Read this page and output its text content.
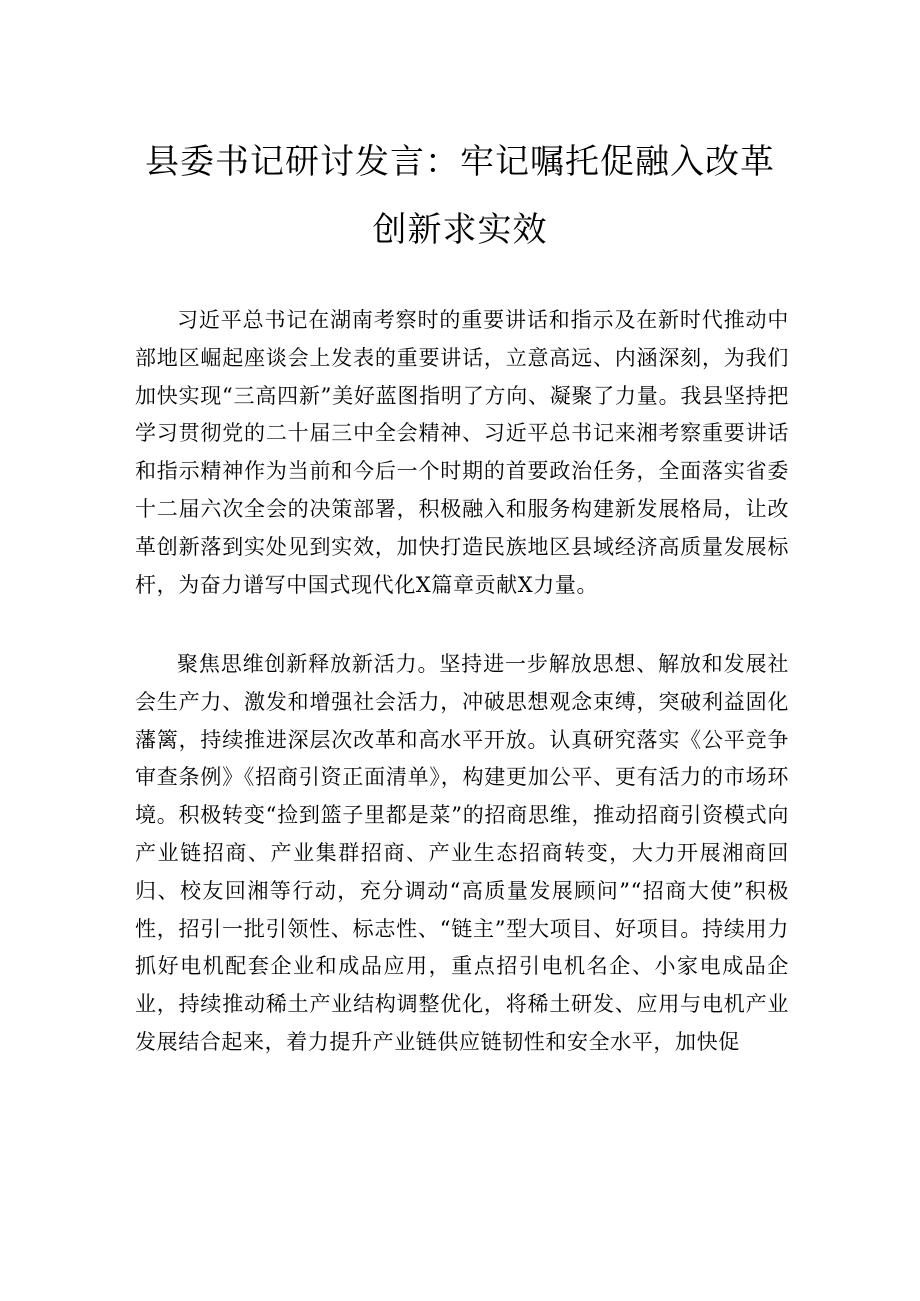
县委书记研讨发言：牢记嘱托促融入改革
创新求实效

习近平总书记在湖南考察时的重要讲话和指示及在新时代推动中部地区崛起座谈会上发表的重要讲话，立意高远、内涵深刻，为我们加快实现“三高四新”美好蓝图指明了方向、凝聚了力量。我县坚持把学习贯彻党的二十届三中全会精神、习近平总书记来湘考察重要讲话和指示精神作为当前和今后一个时期的首要政治任务，全面落实省委十二届六次全会的决策部署，积极融入和服务构建新发展格局，让改革创新落到实处见到实效，加快打造民族地区县域经济高质量发展标杆，为奋力谱写中国式现代化X篇章贡献X力量。

聚焦思维创新释放新活力。坚持进一步解放思想、解放和发展社会生产力、激发和增强社会活力，冲破思想观念束缚，突破利益固化藩篱，持续推进深层次改革和高水平开放。认真研究落实《公平竞争审查条例》《招商引资正面清单》，构建更加公平、更有活力的市场环境。积极转变“捡到篮子里都是菜”的招商思维，推动招商引资模式向产业链招商、产业集群招商、产业生态招商转变，大力开展湘商回归、校友回湘等行动，充分调动“高质量发展顾问”“招商大使”积极性，招引一批引领性、标志性、“链主”型大项目、好项目。持续用力抓好电机配套企业和成品应用，重点招引电机名企、小家电成品企业，持续推动稀土产业结构调整优化，将稀土研发、应用与电机产业发展结合起来，着力提升产业链供应链韧性和安全水平，加快促
